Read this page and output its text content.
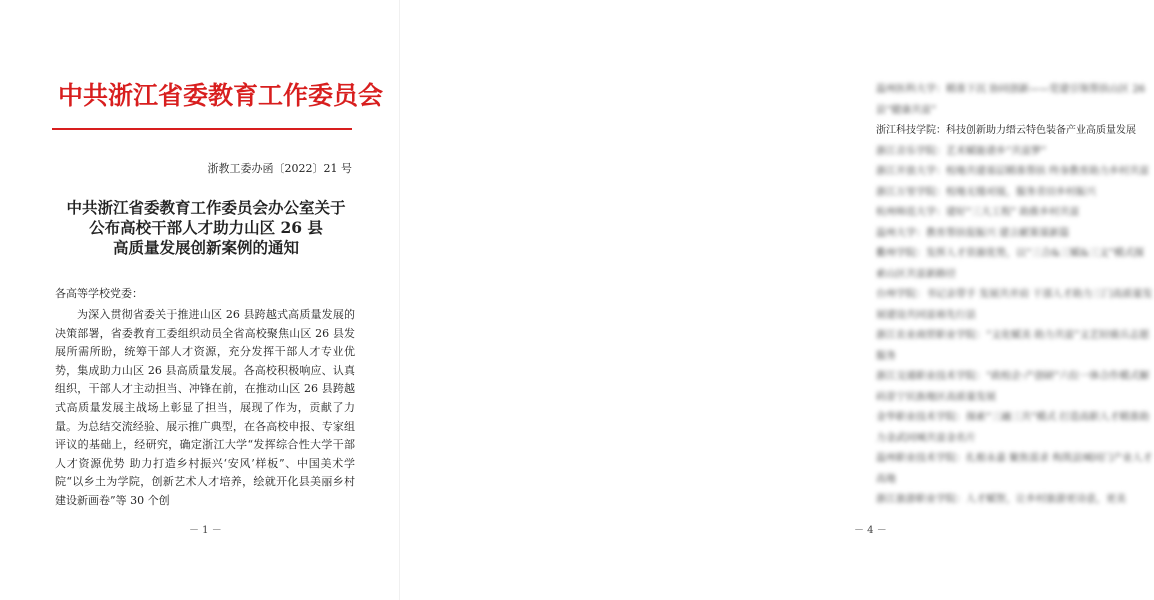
中共浙江省委教育工作委员会
浙教工委办函〔2022〕21 号
中共浙江省委教育工作委员会办公室关于
公布高校干部人才助力山区 26 县
高质量发展创新案例的通知
各高等学校党委：
为深入贯彻省委关于推进山区 26 县跨越式高质量发展的决策部署，省委教育工委组织动员全省高校聚焦山区 26 县发展所需所盼，统筹干部人才资源，充分发挥干部人才专业优势，集成助力山区 26 县高质量发展。各高校积极响应、认真组织，干部人才主动担当、冲锋在前，在推动山区 26 县跨越式高质量发展主战场上彰显了担当，展现了作为，贡献了力量。为总结交流经验、展示推广典型，在各高校申报、专家组评议的基础上，经研究，确定浙江大学“发挥综合性大学干部人才资源优势 助力打造乡村振兴‘安风’样板”、中国美术学院“以乡土为学院，创新艺术人才培养，绘就开化县美丽乡村建设新画卷”等 30 个创
－ 1 －
温州医科大学：精准下沉 协同创新——党建引领帮扶山区 26 县“健康共富”
浙江科技学院：科技创新助力缙云特色装备产业高质量发展
浙江音乐学院：艺术赋能谱乡“共富梦”
浙江开放大学：校地共建基层精准帮扶 终身教育助力乡村共富
浙江万里学院：校地无缝对接，服务青田乡村振兴
杭州师范大学：建好“三大工程” 助推乡村共富
温州大学：教育帮扶促振兴 建言献策谋新篇
衢州学院：发挥人才资源优势，以“三合&三赋&三文”模式探索山区共富新路径
台州学院：书记亲带手 发展共并肩 干部人才助力三门高质量发展建设共同富裕先行县
浙江农业商贸职业学院：“文化赋美 助力共富”文艺轻骑兵志愿服务
浙江交通职业技术学院：“政校企·产创研”六位一体合作模式解码景宁民族地区高质量发展
金华职业技术学院：探索“三融三共”模式 打造高职人才精准助力金武同城共富金名片
温州职业技术学院：扎根永嘉 聚焦需求 构筑县城同门产业人才高地
浙江旅游职业学院：人才赋智，让乡村旅游更诗意，更美
－ 4 －
